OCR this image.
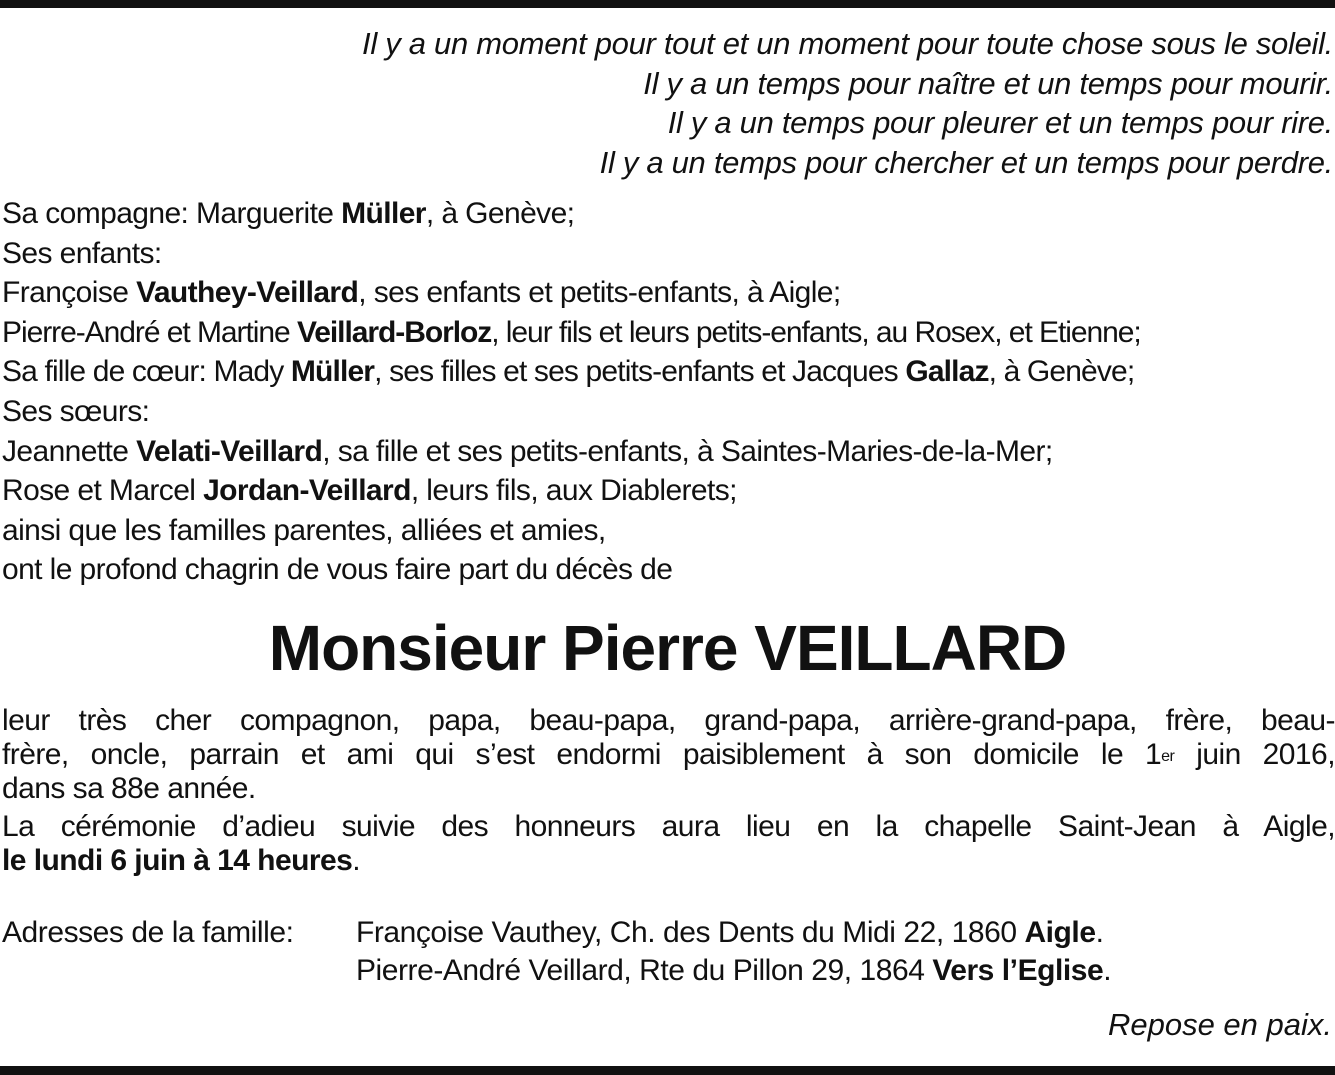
Il y a un moment pour tout et un moment pour toute chose sous le soleil.
Il y a un temps pour naître et un temps pour mourir.
Il y a un temps pour pleurer et un temps pour rire.
Il y a un temps pour chercher et un temps pour perdre.
Sa compagne: Marguerite Müller, à Genève;
Ses enfants:
Françoise Vauthey-Veillard, ses enfants et petits-enfants, à Aigle;
Pierre-André et Martine Veillard-Borloz, leur fils et leurs petits-enfants, au Rosex, et Etienne;
Sa fille de cœur: Mady Müller, ses filles et ses petits-enfants et Jacques Gallaz, à Genève;
Ses sœurs:
Jeannette Velati-Veillard, sa fille et ses petits-enfants, à Saintes-Maries-de-la-Mer;
Rose et Marcel Jordan-Veillard, leurs fils, aux Diablerets;
ainsi que les familles parentes, alliées et amies,
ont le profond chagrin de vous faire part du décès de
Monsieur Pierre VEILLARD
leur très cher compagnon, papa, beau-papa, grand-papa, arrière-grand-papa, frère, beau-
frère, oncle, parrain et ami qui s’est endormi paisiblement à son domicile le 1er juin 2016,
dans sa 88e année.
La cérémonie d’adieu suivie des honneurs aura lieu en la chapelle Saint-Jean à Aigle,
le lundi 6 juin à 14 heures.
Adresses de la famille:	Françoise Vauthey, Ch. des Dents du Midi 22, 1860 Aigle.
Pierre-André Veillard, Rte du Pillon 29, 1864 Vers l’Eglise.
Repose en paix.
